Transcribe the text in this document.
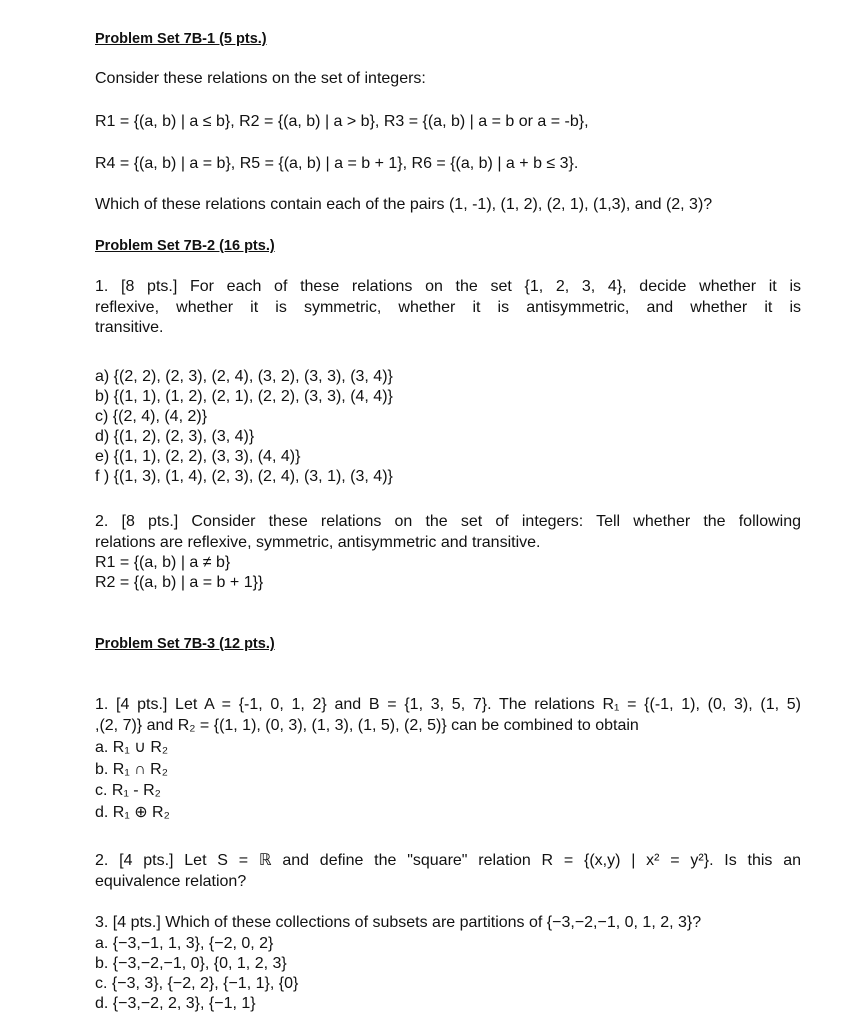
Problem Set 7B-1 (5 pts.)
Consider these relations on the set of integers:
R1 = {(a, b) | a ≤ b}, R2 = {(a, b) | a > b}, R3 = {(a, b) | a = b or a = -b},
R4 = {(a, b) | a = b}, R5 = {(a, b) | a = b + 1}, R6 = {(a, b) | a + b ≤ 3}.
Which of these relations contain each of the pairs (1, -1), (1, 2), (2, 1), (1,3), and (2, 3)?
Problem Set 7B-2 (16 pts.)
1. [8 pts.] For each of these relations on the set {1, 2, 3, 4}, decide whether it is
reflexive, whether it is symmetric, whether it is antisymmetric, and whether it is
transitive.
a) {(2, 2), (2, 3), (2, 4), (3, 2), (3, 3), (3, 4)}
b) {(1, 1), (1, 2), (2, 1), (2, 2), (3, 3), (4, 4)}
c) {(2, 4), (4, 2)}
d) {(1, 2), (2, 3), (3, 4)}
e) {(1, 1), (2, 2), (3, 3), (4, 4)}
f ) {(1, 3), (1, 4), (2, 3), (2, 4), (3, 1), (3, 4)}
2. [8 pts.] Consider these relations on the set of integers: Tell whether the following
relations are reflexive, symmetric, antisymmetric and transitive.
R1 = {(a, b) | a ≠ b}
R2 = {(a, b) | a = b + 1}}
Problem Set 7B-3 (12 pts.)
1. [4 pts.] Let A = {-1, 0, 1, 2} and B = {1, 3, 5, 7}. The relations R₁ = {(-1, 1), (0, 3), (1, 5)
,(2, 7)} and R₂ = {(1, 1), (0, 3), (1, 3), (1, 5), (2, 5)} can be combined to obtain
a. R₁ ∪ R₂
b. R₁ ∩ R₂
c. R₁ - R₂
d. R₁ ⊕ R₂
2. [4 pts.] Let S = ℝ and define the "square" relation R = {(x,y) | x² = y²}. Is this an
equivalence relation?
3. [4 pts.] Which of these collections of subsets are partitions of {−3,−2,−1, 0, 1, 2, 3}?
a. {−3,−1, 1, 3}, {−2, 0, 2}
b. {−3,−2,−1, 0}, {0, 1, 2, 3}
c. {−3, 3}, {−2, 2}, {−1, 1}, {0}
d. {−3,−2, 2, 3}, {−1, 1}
